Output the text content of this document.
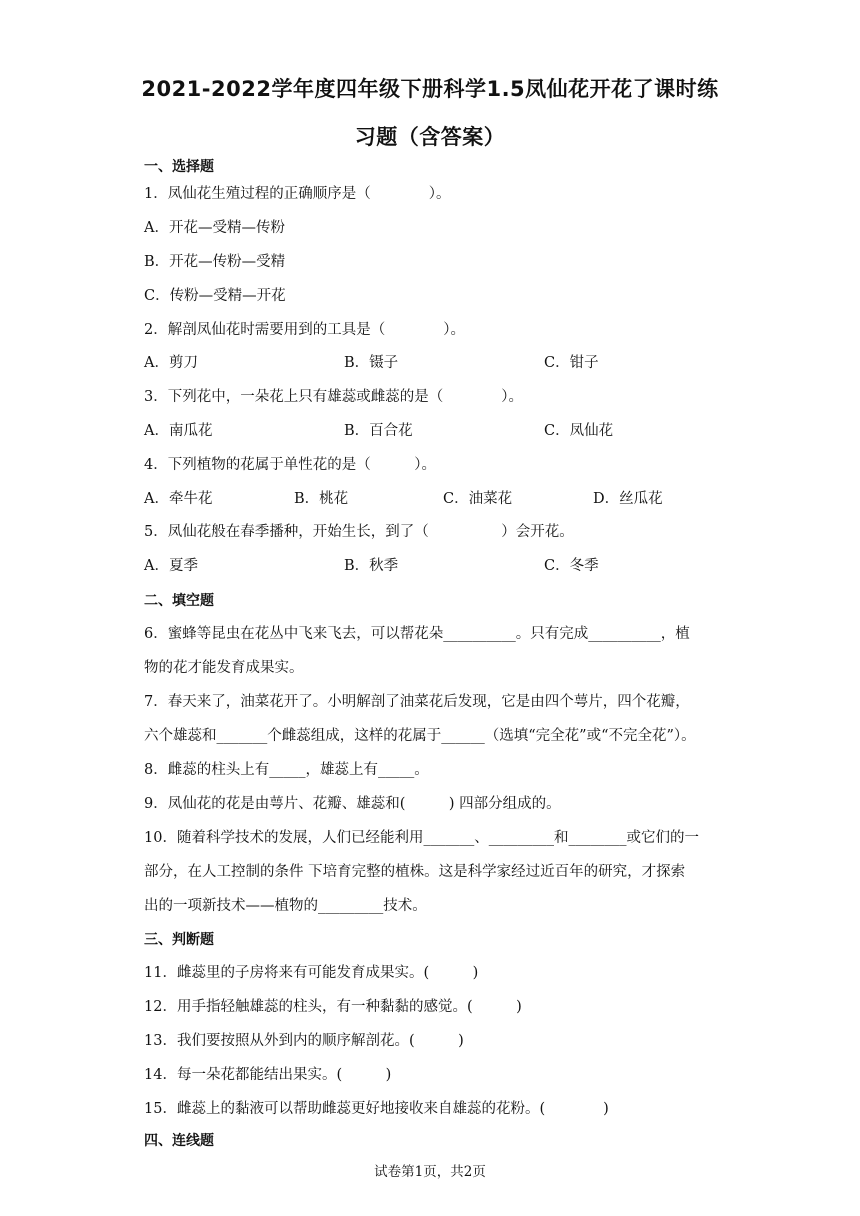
2021-2022学年度四年级下册科学1.5凤仙花开花了课时练
习题（含答案）
一、选择题
1．凤仙花生殖过程的正确顺序是（　　　　）。
A．开花—受精—传粉
B．开花—传粉—受精
C．传粉—受精—开花
2．解剖凤仙花时需要用到的工具是（　　　　）。
A．剪刀	B．镊子	C．钳子
3．下列花中，一朵花上只有雄蕊或雌蕊的是（　　　　）。
A．南瓜花	B．百合花	C．凤仙花
4．下列植物的花属于单性花的是（　　　）。
A．牵牛花	B．桃花	C．油菜花	D．丝瓜花
5．凤仙花般在春季播种，开始生长，到了（　　　　　）会开花。
A．夏季	B．秋季	C．冬季
二、填空题
6．蜜蜂等昆虫在花丛中飞来飞去，可以帮花朵__________。只有完成__________，植
物的花才能发育成果实。
7．春天来了，油菜花开了。小明解剖了油菜花后发现，它是由四个萼片，四个花瓣，
六个雄蕊和_______个雌蕊组成，这样的花属于______（选填“完全花”或“不完全花”）。
8．雌蕊的柱头上有_____，雄蕊上有_____。
9．凤仙花的花是由萼片、花瓣、雄蕊和(　　　) 四部分组成的。
10．随着科学技术的发展，人们已经能利用_______、_________和________或它们的一
部分，在人工控制的条件 下培育完整的植株。这是科学家经过近百年的研究，才探索
出的一项新技术——植物的_________技术。
三、判断题
11．雌蕊里的子房将来有可能发育成果实。(　　　)
12．用手指轻触雄蕊的柱头，有一种黏黏的感觉。(　　　)
13．我们要按照从外到内的顺序解剖花。(　　　)
14．每一朵花都能结出果实。(　　　)
15．雌蕊上的黏液可以帮助雌蕊更好地接收来自雄蕊的花粉。(　　　　)
四、连线题
试卷第1页，共2页
